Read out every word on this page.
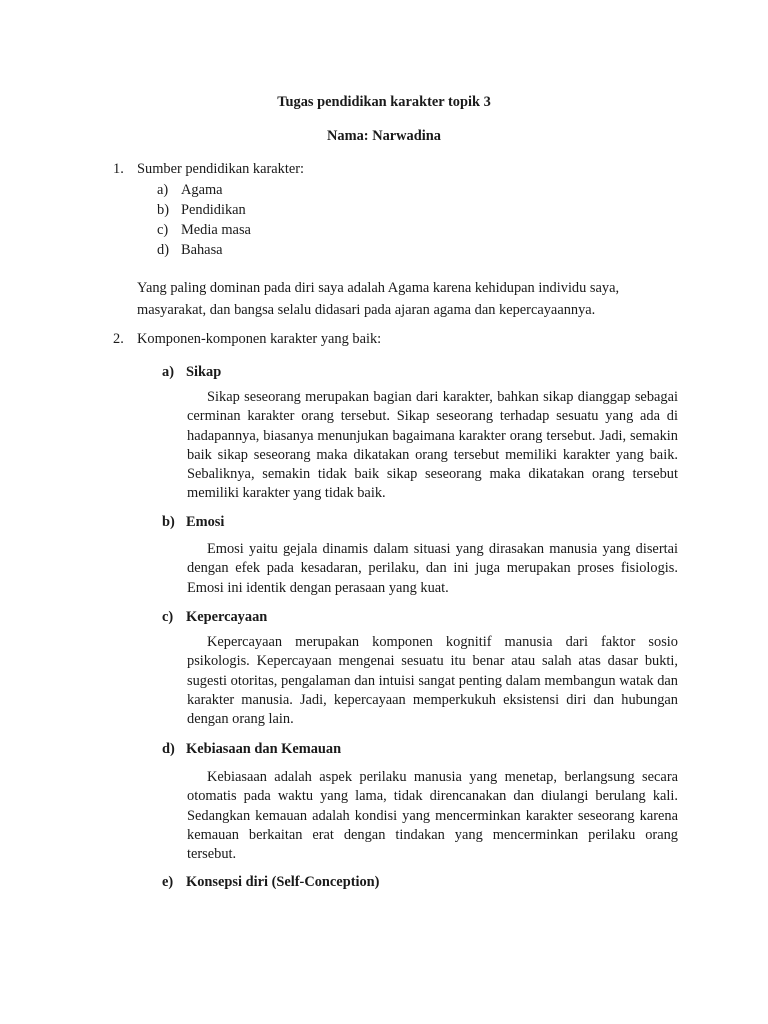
Tugas pendidikan karakter topik 3
Nama: Narwadina
1. Sumber pendidikan karakter:
a) Agama
b) Pendidikan
c) Media masa
d) Bahasa
Yang paling dominan pada diri saya adalah Agama karena kehidupan individu saya, masyarakat, dan bangsa selalu didasari pada ajaran agama dan kepercayaannya.
2. Komponen-komponen karakter yang baik:
a) Sikap

Sikap seseorang merupakan bagian dari karakter, bahkan sikap dianggap sebagai cerminan karakter orang tersebut. Sikap seseorang terhadap sesuatu yang ada di hadapannya, biasanya menunjukan bagaimana karakter orang tersebut. Jadi, semakin baik sikap seseorang maka dikatakan orang tersebut memiliki karakter yang baik. Sebaliknya, semakin tidak baik sikap seseorang maka dikatakan orang tersebut memiliki karakter yang tidak baik.

b) Emosi

Emosi yaitu gejala dinamis dalam situasi yang dirasakan manusia yang disertai dengan efek pada kesadaran, perilaku, dan ini juga merupakan proses fisiologis. Emosi ini identik dengan perasaan yang kuat.

c) Kepercayaan

Kepercayaan merupakan komponen kognitif manusia dari faktor sosio psikologis. Kepercayaan mengenai sesuatu itu benar atau salah atas dasar bukti, sugesti otoritas, pengalaman dan intuisi sangat penting dalam membangun watak dan karakter manusia. Jadi, kepercayaan memperkukuh eksistensi diri dan hubungan dengan orang lain.

d) Kebiasaan dan Kemauan

Kebiasaan adalah aspek perilaku manusia yang menetap, berlangsung secara otomatis pada waktu yang lama, tidak direncanakan dan diulangi berulang kali. Sedangkan kemauan adalah kondisi yang mencerminkan karakter seseorang karena kemauan berkaitan erat dengan tindakan yang mencerminkan perilaku orang tersebut.

e) Konsepsi diri (Self-Conception)
